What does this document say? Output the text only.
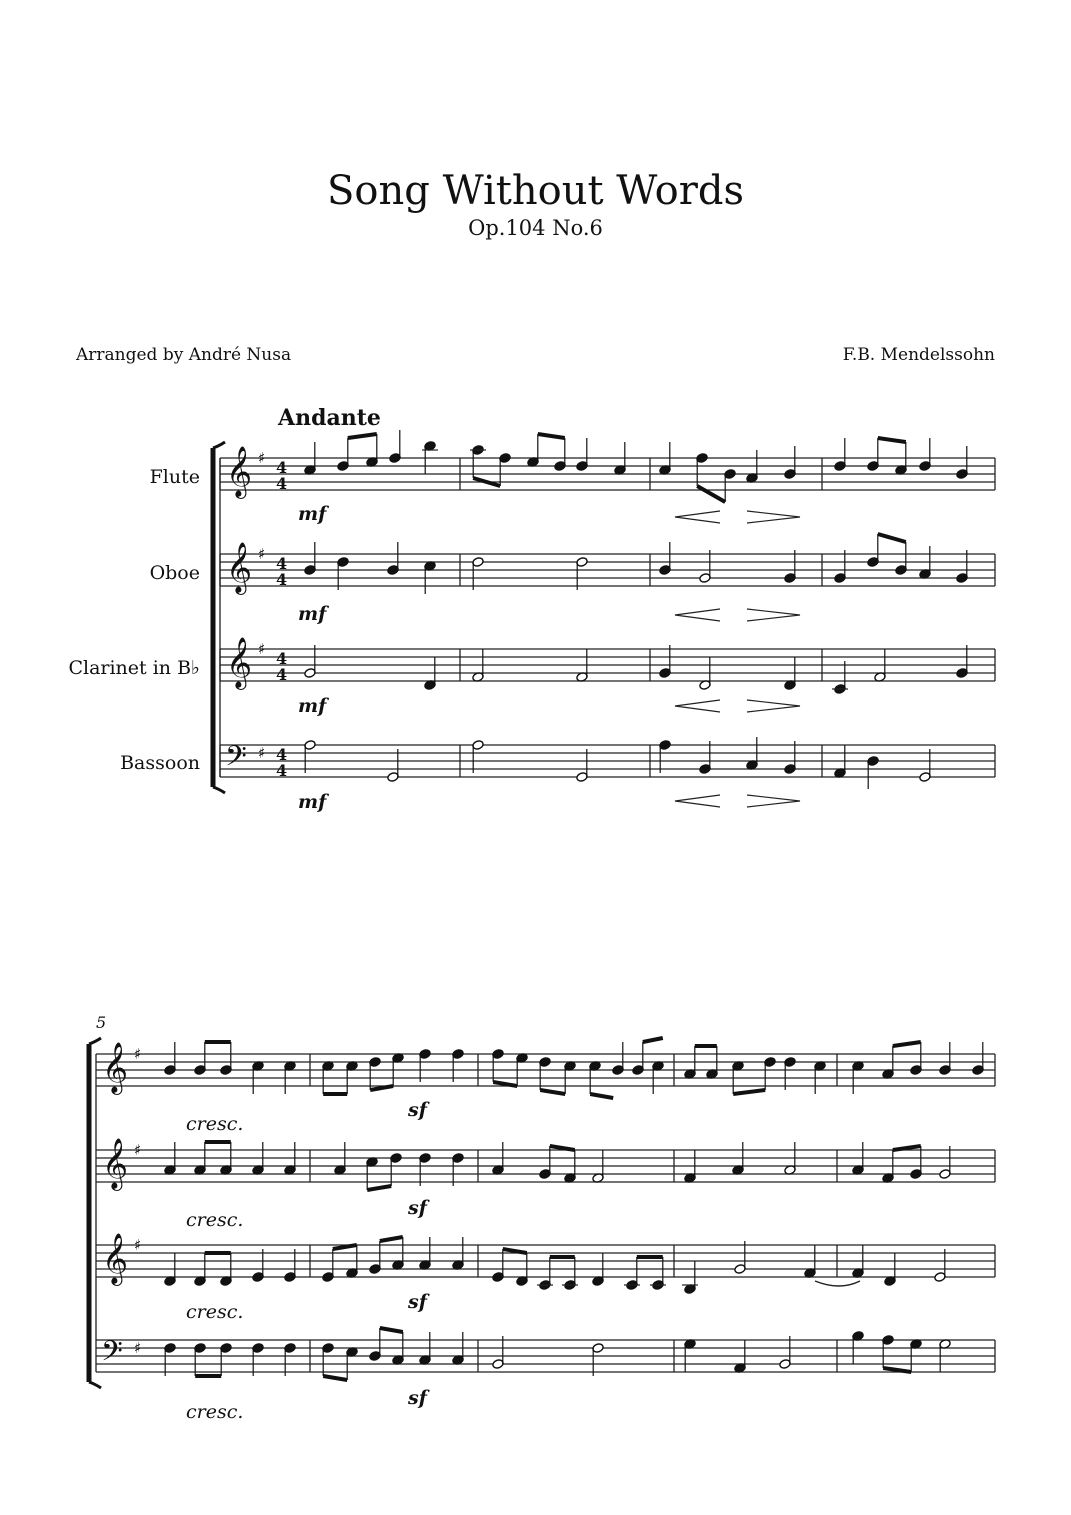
Song Without Words
Op.104 No.6
Arranged by André Nusa	F.B. Mendelssohn
Andante
Flute
Oboe
Clarinet in B♭
Bassoon
𝄞 ♯ 4
4
𝄞 ♯ 4
4
𝄞 ♯ 4
4
𝄢 ♯ 4
4
mf
mf
mf
mf
5
𝄞 ♯
𝄞 ♯
𝄞 ♯
𝄢 ♯
cresc.
sf
cresc.
sf
cresc.	sf
cresc.
sf
